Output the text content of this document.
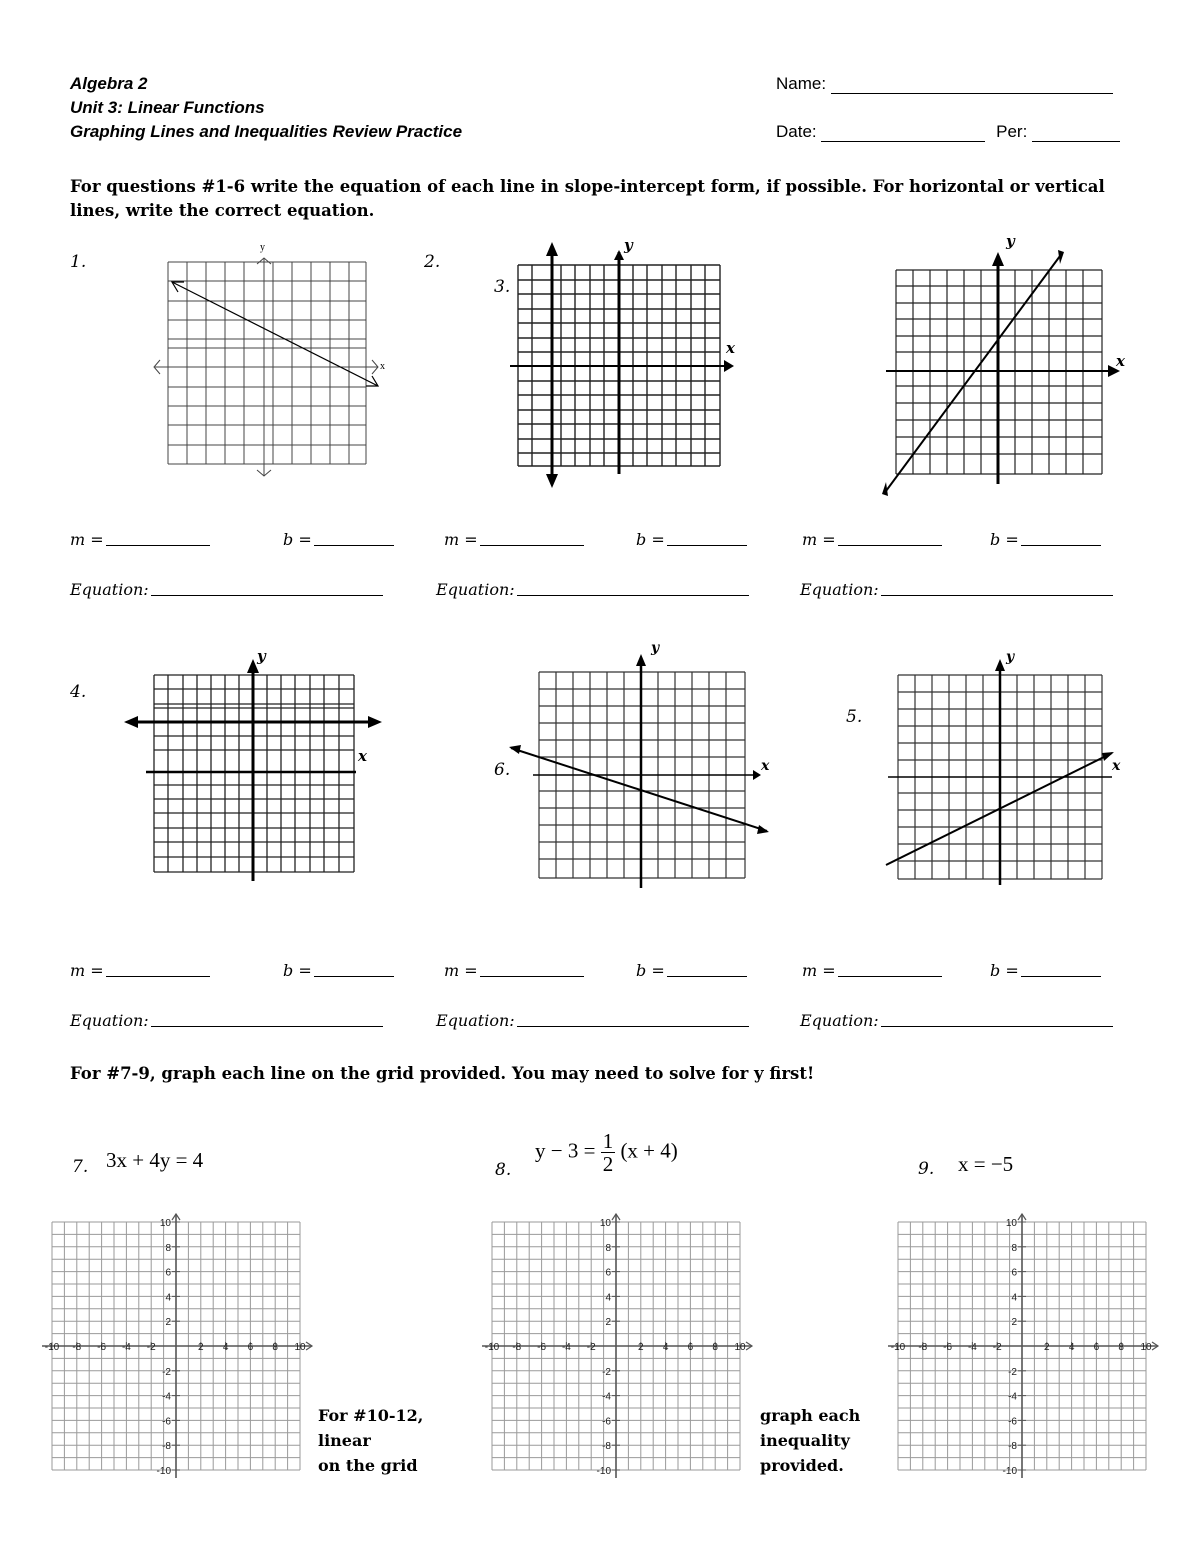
Algebra 2
Unit 3: Linear Functions
Graphing Lines and Inequalities Review Practice
Name:
Date:	Per:
For questions #1-6 write the equation of each line in slope-intercept form, if possible. For horizontal or vertical lines, write the correct equation.
1.	2.
3.
4.
5.
6.
y
x
y
x
y
x
m =	b =	m =	b =	m =	b =
Equation:	Equation:	Equation:
y
x
y
x
y
x
m =	b =	m =	b =	m =	b =
Equation:	Equation:	Equation:
For #7-9, graph each line on the grid provided. You may need to solve for y first!
7. 3x + 4y = 4	8.
$y - 3 = \frac{1}{2} (x + 4)$
9. x = −5
10
8
6
4
2
-2
-4
-6
-8
-10
-10 -8 -6 -4 -2	2 4 6 8 10
10
8
6
4
2
-2
-4
-6
-8
-10
-10 -8 -6 -4 -2	2 4 6 8 10
10
8
6
4
2
-2
-4
-6
-8
-10
-10 -8 -6 -4 -2	2 4 6 8 10
For #10-12,
linear
on the grid
graph each
inequality
provided.
